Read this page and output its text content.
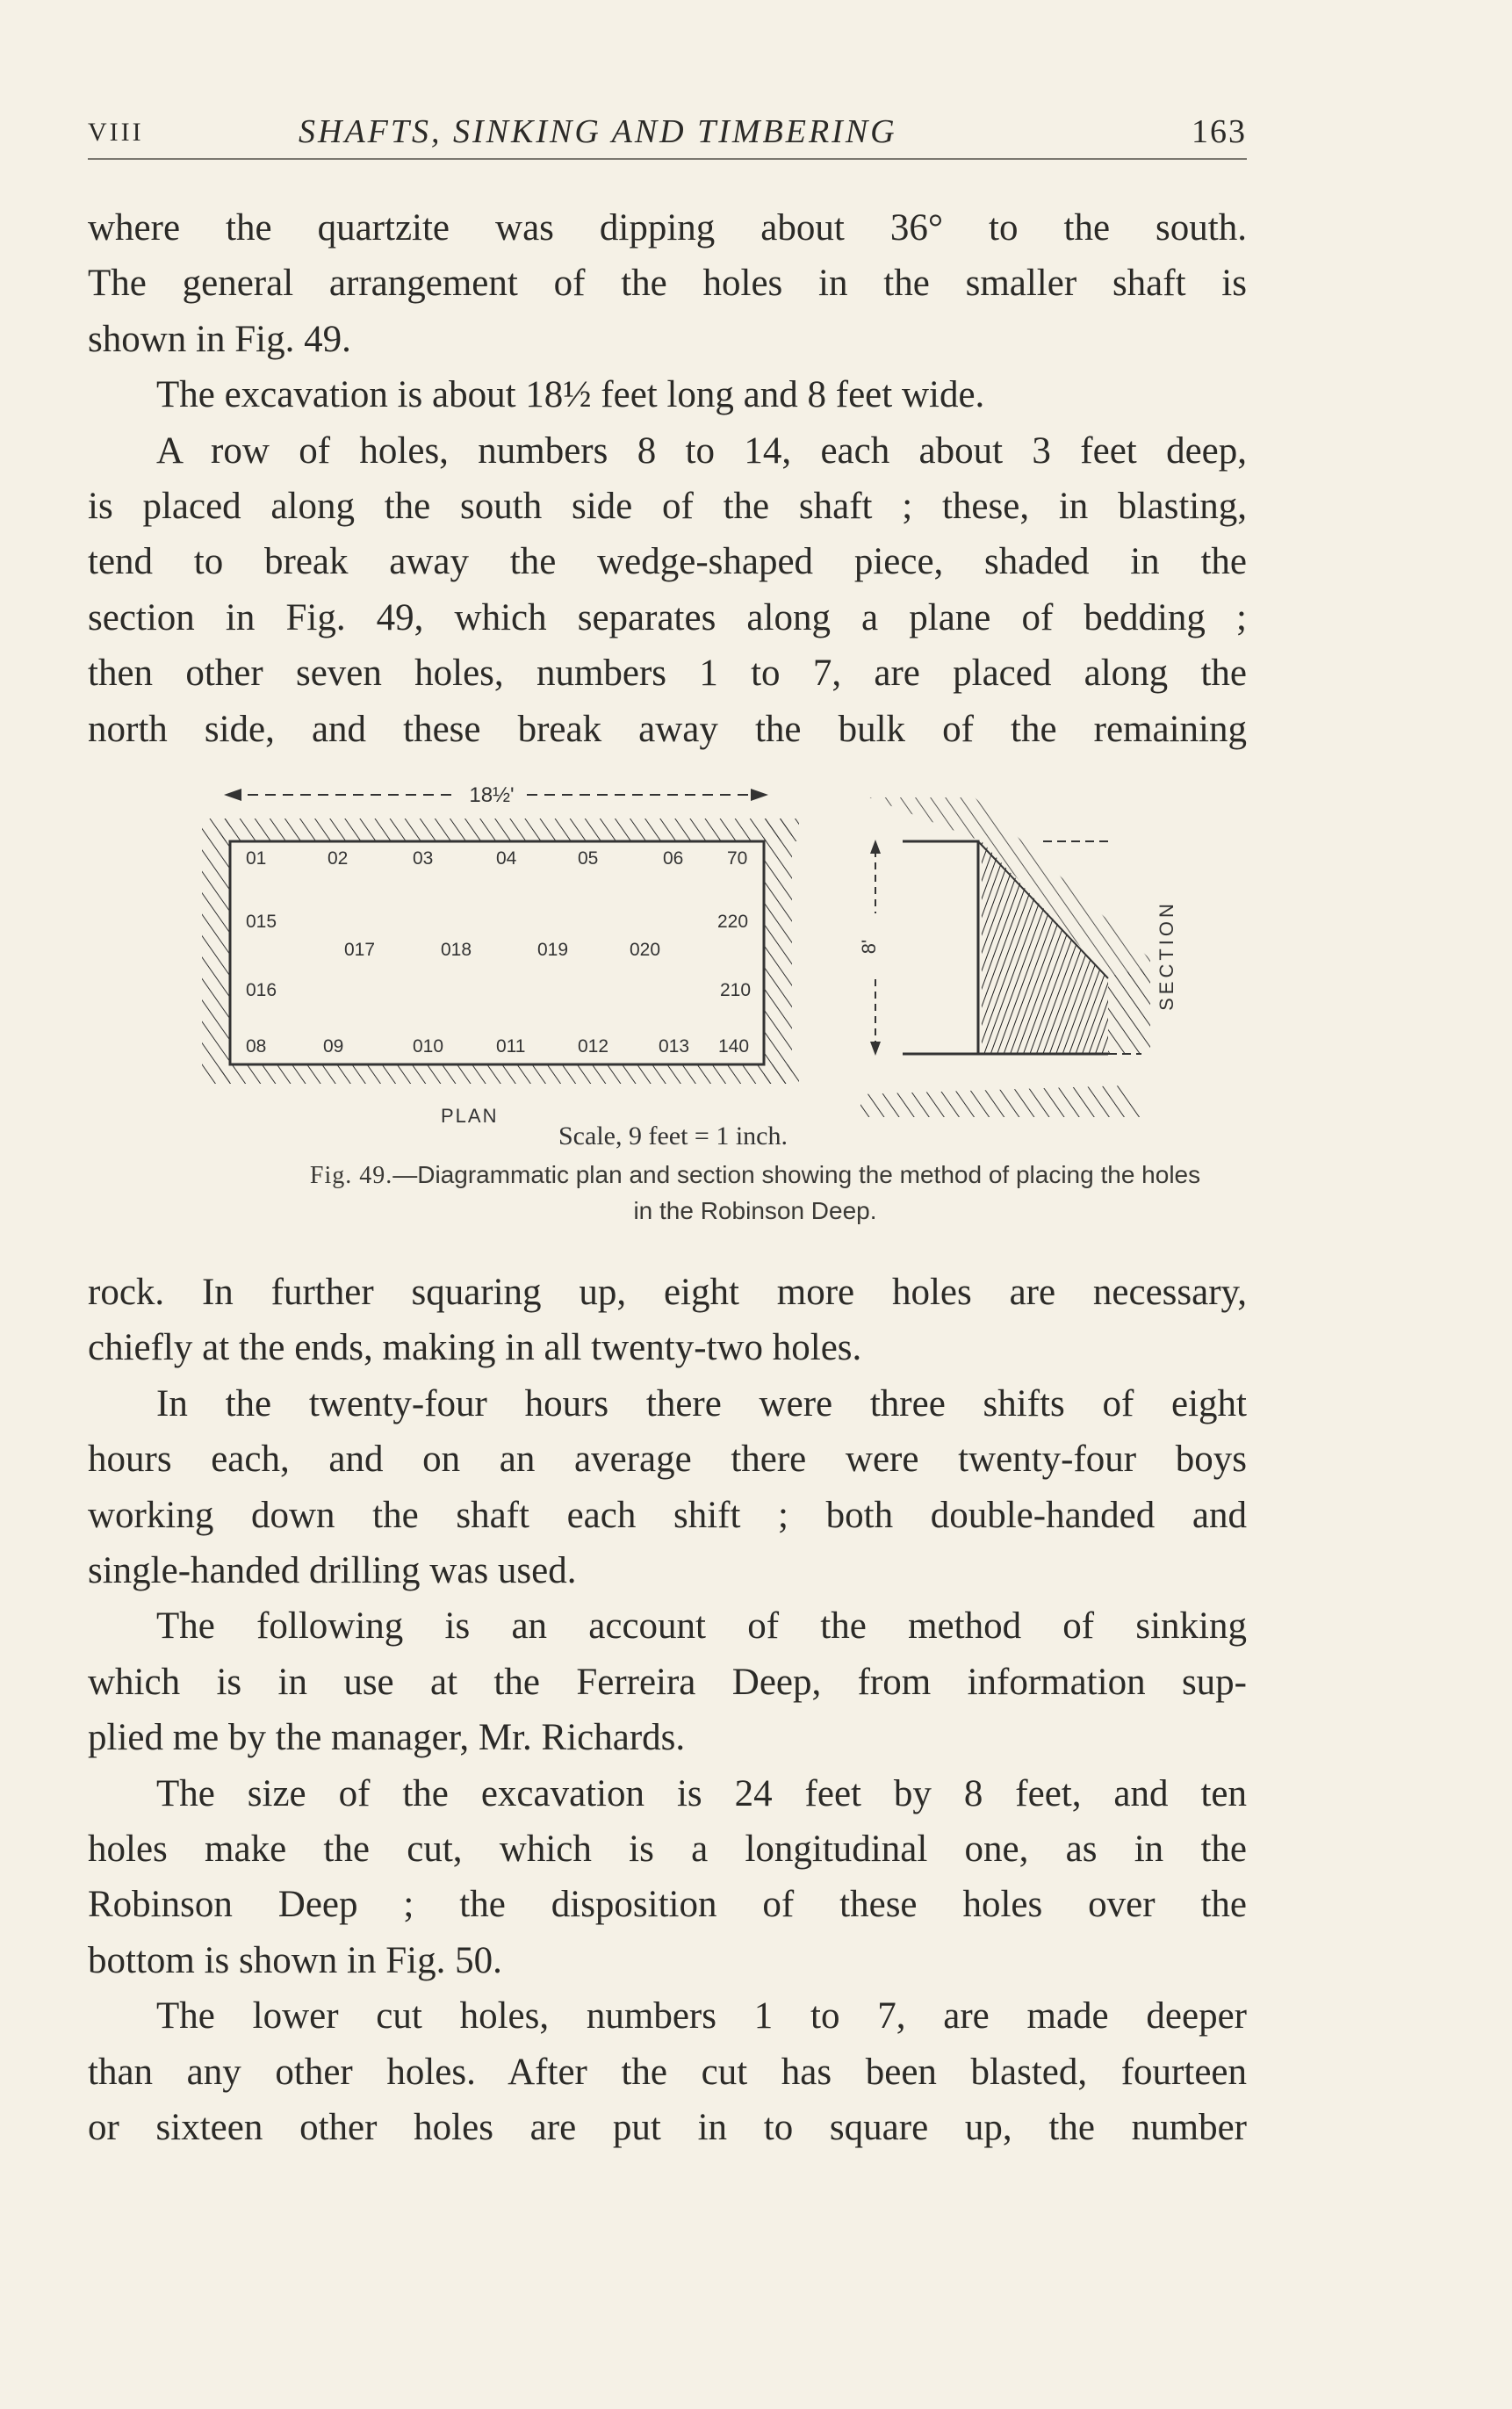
VIII	SHAFTS, SINKING AND TIMBERING	163

where the quartzite was dipping about 36° to the south.

The general arrangement of the holes in the smaller shaft is

shown in Fig. 49.

The excavation is about 18½ feet long and 8 feet wide.

A row of holes, numbers 8 to 14, each about 3 feet deep,

is placed along the south side of the shaft ; these, in blasting,

tend to break away the wedge-shaped piece, shaded in the

section in Fig. 49, which separates along a plane of bedding ;

then other seven holes, numbers 1 to 7, are placed along the

north side, and these break away the bulk of the remaining

18½'
01	02	03	04	05	06 70
015	220
017	018	019	020
016	210
08	09	010	011	012	013 140
PLAN
Scale, 9 feet = 1 inch.
8'	SECTION
Fig. 49.—Diagrammatic plan and section showing the method of placing the holes
in the Robinson Deep.

rock. In further squaring up, eight more holes are necessary,

chiefly at the ends, making in all twenty-two holes.

In the twenty-four hours there were three shifts of eight

hours each, and on an average there were twenty-four boys

working down the shaft each shift ; both double-handed and

single-handed drilling was used.

The following is an account of the method of sinking

which is in use at the Ferreira Deep, from information sup-

plied me by the manager, Mr. Richards.

The size of the excavation is 24 feet by 8 feet, and ten

holes make the cut, which is a longitudinal one, as in the

Robinson Deep ; the disposition of these holes over the

bottom is shown in Fig. 50.

The lower cut holes, numbers 1 to 7, are made deeper

than any other holes. After the cut has been blasted, fourteen

or sixteen other holes are put in to square up, the number
